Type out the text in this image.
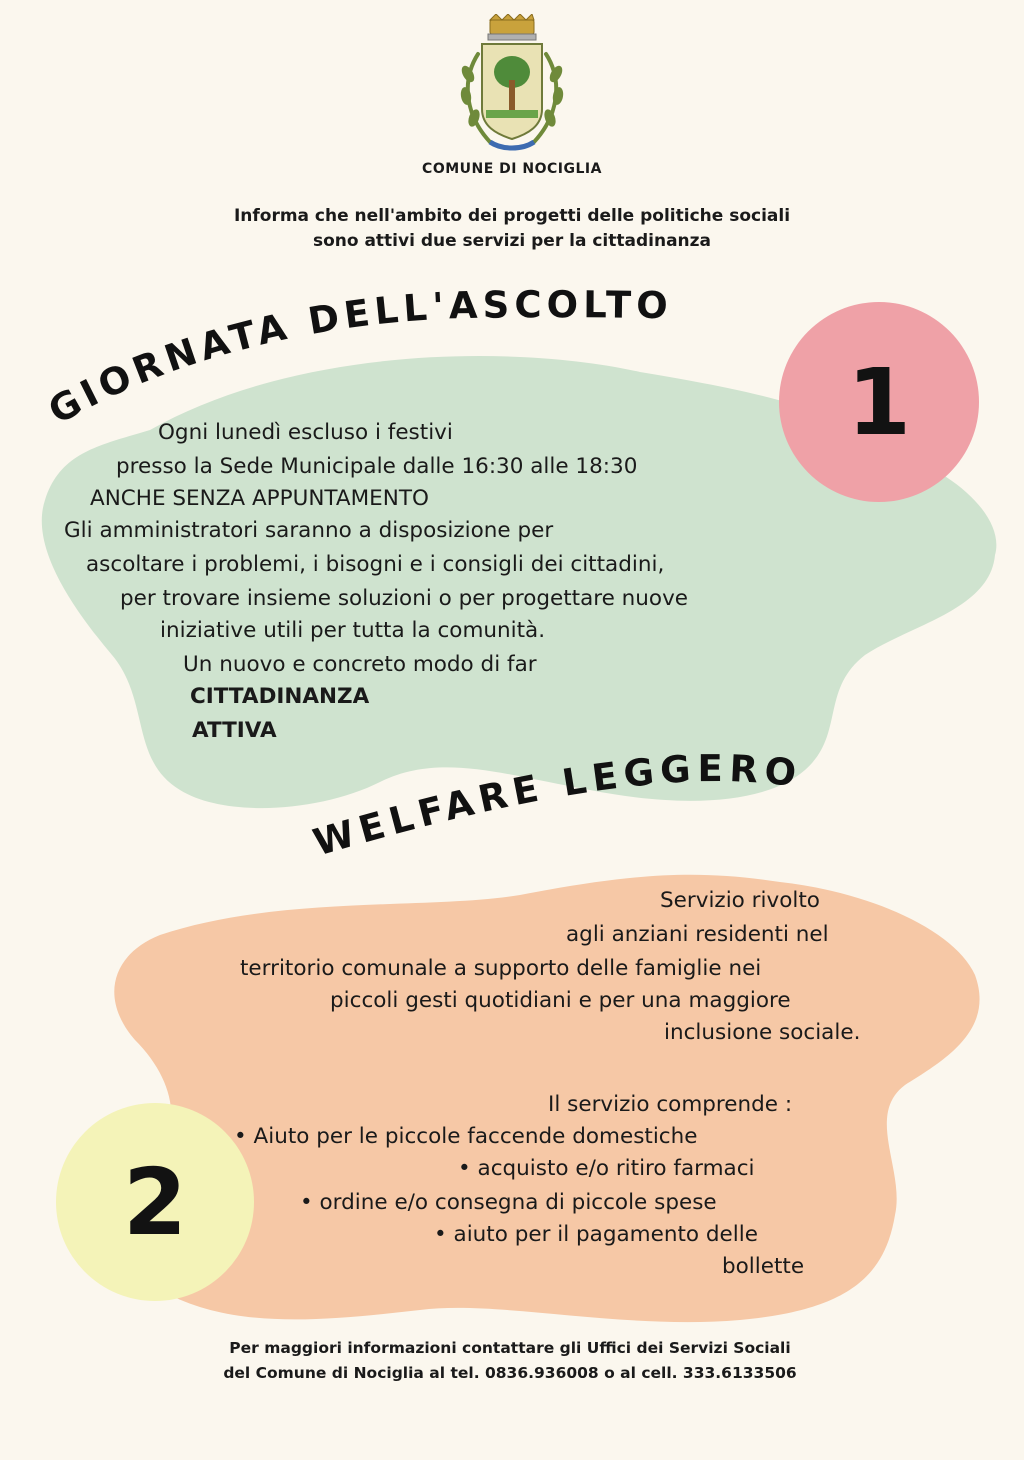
GIORNATA DELL'ASCOLTO
WELFARE LEGGERO
COMUNE DI NOCIGLIA
Informa che nell'ambito dei progetti delle politiche sociali
sono attivi due servizi per la cittadinanza
1
2
Ogni lunedì escluso i festivi
presso la Sede Municipale dalle 16:30 alle 18:30
ANCHE SENZA APPUNTAMENTO
Gli amministratori saranno a disposizione per
ascoltare i problemi, i bisogni e i consigli dei cittadini,
per trovare insieme soluzioni o per progettare nuove
iniziative utili per tutta la comunità.
Un nuovo e concreto modo di far
CITTADINANZA
ATTIVA
Servizio rivolto
agli anziani residenti nel
territorio comunale a supporto delle famiglie nei
piccoli gesti quotidiani e per una maggiore
inclusione sociale.
Il servizio comprende :
• Aiuto per le piccole faccende domestiche
• acquisto e/o ritiro farmaci
• ordine e/o consegna di piccole spese
• aiuto per il pagamento delle
bollette
Per maggiori informazioni contattare gli Uffici dei Servizi Sociali
del Comune di Nociglia al tel. 0836.936008 o al cell. 333.6133506
